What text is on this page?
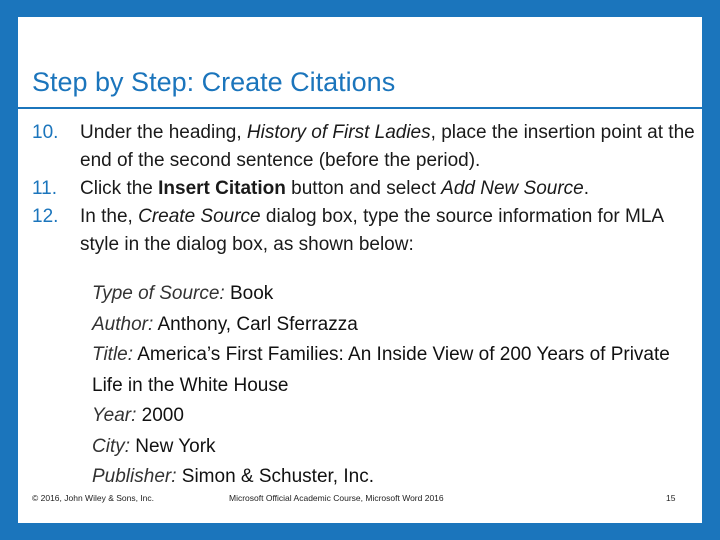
Step by Step: Create Citations
10. Under the heading, History of First Ladies, place the insertion point at the end of the second sentence (before the period).
11. Click the Insert Citation button and select Add New Source.
12. In the, Create Source dialog box, type the source information for MLA style in the dialog box, as shown below:

Type of Source: Book

Author: Anthony, Carl Sferrazza

Title: America’s First Families: An Inside View of 200 Years of Private Life in the White House

Year: 2000

City: New York

Publisher: Simon & Schuster, Inc.

© 2016, John Wiley & Sons, Inc.	Microsoft Official Academic Course, Microsoft Word 2016	15
